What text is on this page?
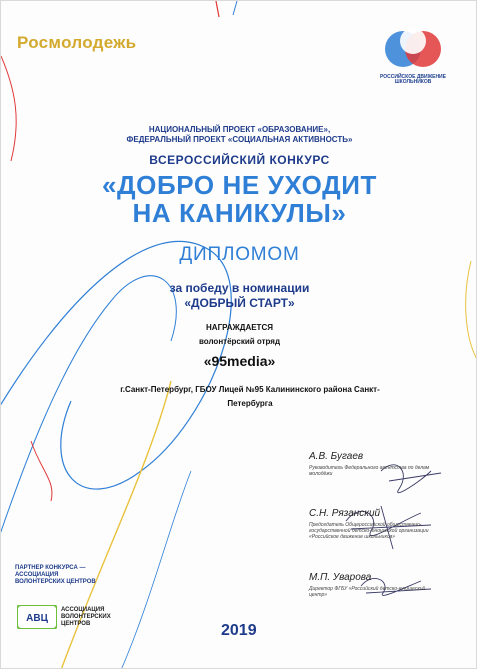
Росмолодежь
РОССИЙСКОЕ ДВИЖЕНИЕ ШКОЛЬНИКОВ
НАЦИОНАЛЬНЫЙ ПРОЕКТ «ОБРАЗОВАНИЕ»,
ФЕДЕРАЛЬНЫЙ ПРОЕКТ «СОЦИАЛЬНАЯ АКТИВНОСТЬ»
ВСЕРОССИЙСКИЙ КОНКУРС
«ДОБРО НЕ УХОДИТ
НА КАНИКУЛЫ»
ДИПЛОМОМ
за победу в номинации
«ДОБРЫЙ СТАРТ»
НАГРАЖДАЕТСЯ
волонтёрский отряд
«95media»
г.Санкт-Петербург, ГБОУ Лицей №95 Калининского района Санкт-
Петербурга
А.В. Бугаев
Руководитель Федерального агентства по делам
молодёжи
С.Н. Рязанский
Председатель Общероссийской общественно-
государственной детско-юношеской организации
«Российское движение школьников»
М.П. Уварова
Директор ФГБУ «Российский детско-юношеский
центр»
ПАРТНЕР КОНКУРСА —
АССОЦИАЦИЯ
ВОЛОНТЕРСКИХ ЦЕНТРОВ
АВЦ
АССОЦИАЦИЯ
ВОЛОНТЕРСКИХ
ЦЕНТРОВ	2019
